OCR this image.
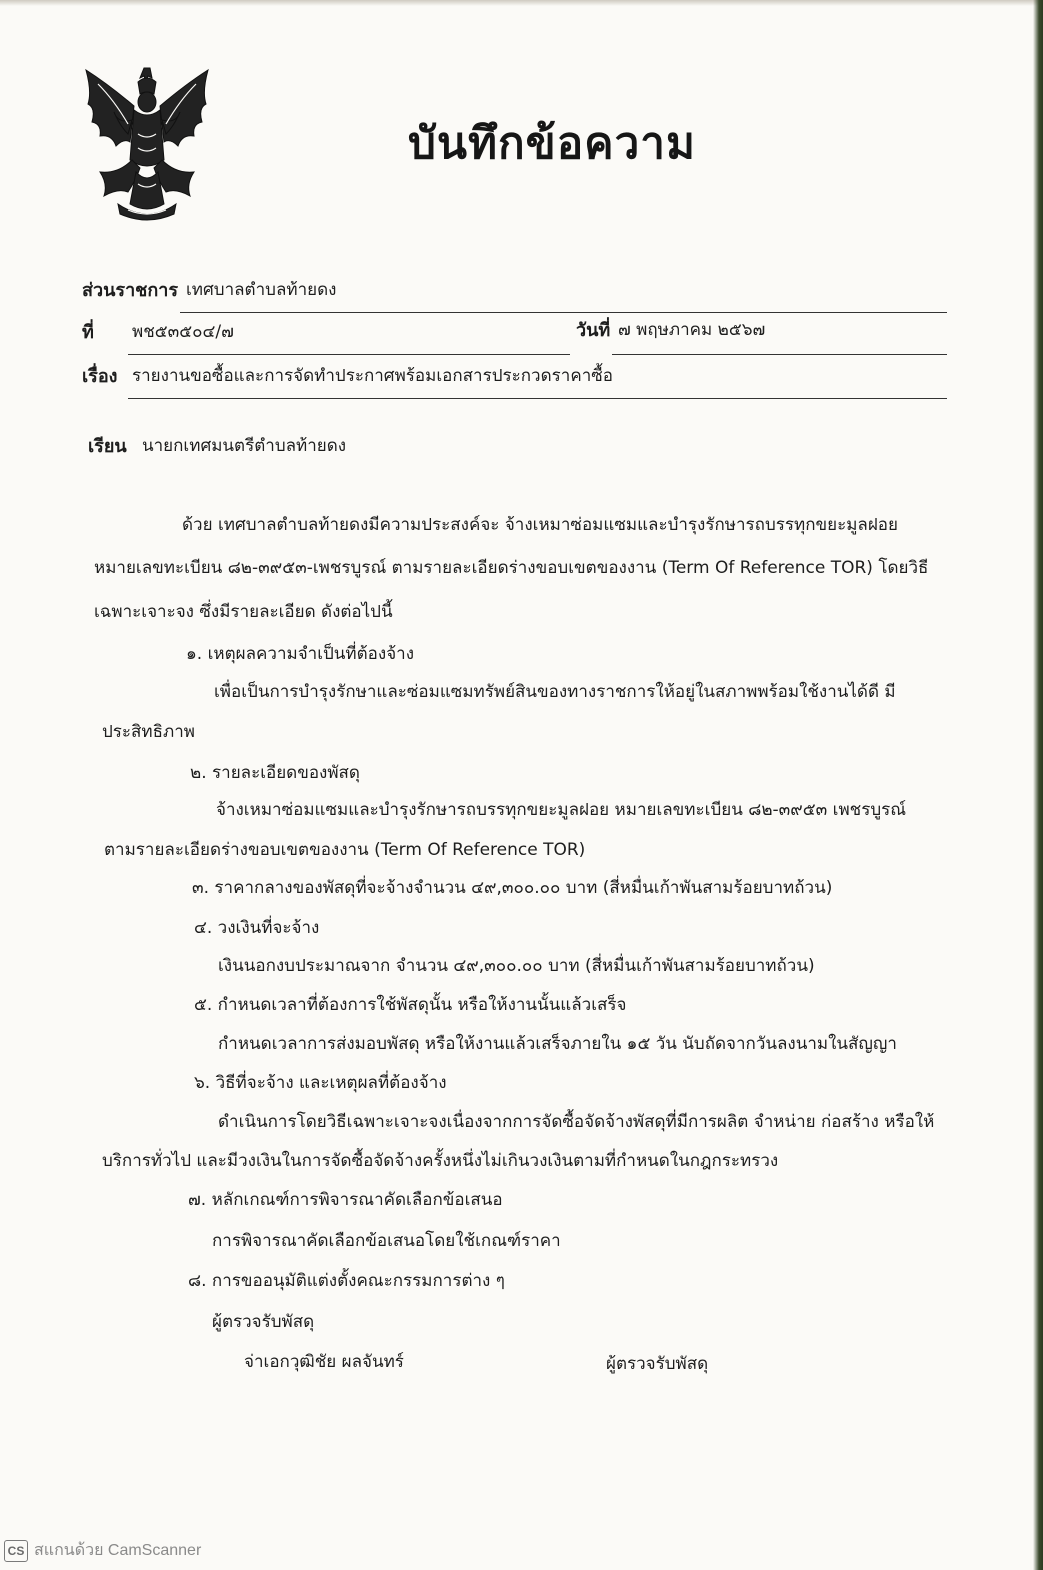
บันทึกข้อความ
ส่วนราชการ เทศบาลตำบลท้ายดง
ที่ พช๕๓๕๐๔/๗	วันที่ ๗ พฤษภาคม ๒๕๖๗
เรื่อง รายงานขอซื้อและการจัดทำประกาศพร้อมเอกสารประกวดราคาซื้อ
เรียน นายกเทศมนตรีตำบลท้ายดง
ด้วย เทศบาลตำบลท้ายดงมีความประสงค์จะ จ้างเหมาซ่อมแซมและบำรุงรักษารถบรรทุกขยะมูลฝอย
หมายเลขทะเบียน ๘๒-๓๙๕๓-เพชรบูรณ์ ตามรายละเอียดร่างขอบเขตของงาน (Term Of Reference TOR) โดยวิธี
เฉพาะเจาะจง ซึ่งมีรายละเอียด ดังต่อไปนี้
๑. เหตุผลความจำเป็นที่ต้องจ้าง
เพื่อเป็นการบำรุงรักษาและซ่อมแซมทรัพย์สินของทางราชการให้อยู่ในสภาพพร้อมใช้งานได้ดี มี
ประสิทธิภาพ
๒. รายละเอียดของพัสดุ
จ้างเหมาซ่อมแซมและบำรุงรักษารถบรรทุกขยะมูลฝอย หมายเลขทะเบียน ๘๒-๓๙๕๓ เพชรบูรณ์
ตามรายละเอียดร่างขอบเขตของงาน (Term Of Reference TOR)
๓. ราคากลางของพัสดุที่จะจ้างจำนวน ๔๙,๓๐๐.๐๐ บาท (สี่หมื่นเก้าพันสามร้อยบาทถ้วน)
๔. วงเงินที่จะจ้าง
เงินนอกงบประมาณจาก จำนวน ๔๙,๓๐๐.๐๐ บาท (สี่หมื่นเก้าพันสามร้อยบาทถ้วน)
๕. กำหนดเวลาที่ต้องการใช้พัสดุนั้น หรือให้งานนั้นแล้วเสร็จ
กำหนดเวลาการส่งมอบพัสดุ หรือให้งานแล้วเสร็จภายใน ๑๕ วัน นับถัดจากวันลงนามในสัญญา
๖. วิธีที่จะจ้าง และเหตุผลที่ต้องจ้าง
ดำเนินการโดยวิธีเฉพาะเจาะจงเนื่องจากการจัดซื้อจัดจ้างพัสดุที่มีการผลิต จำหน่าย ก่อสร้าง หรือให้
บริการทั่วไป และมีวงเงินในการจัดซื้อจัดจ้างครั้งหนึ่งไม่เกินวงเงินตามที่กำหนดในกฎกระทรวง
๗. หลักเกณฑ์การพิจารณาคัดเลือกข้อเสนอ
การพิจารณาคัดเลือกข้อเสนอโดยใช้เกณฑ์ราคา
๘. การขออนุมัติแต่งตั้งคณะกรรมการต่าง ๆ
ผู้ตรวจรับพัสดุ
จ่าเอกวุฒิชัย ผลจันทร์	ผู้ตรวจรับพัสดุ
CS สแกนด้วย CamScanner
